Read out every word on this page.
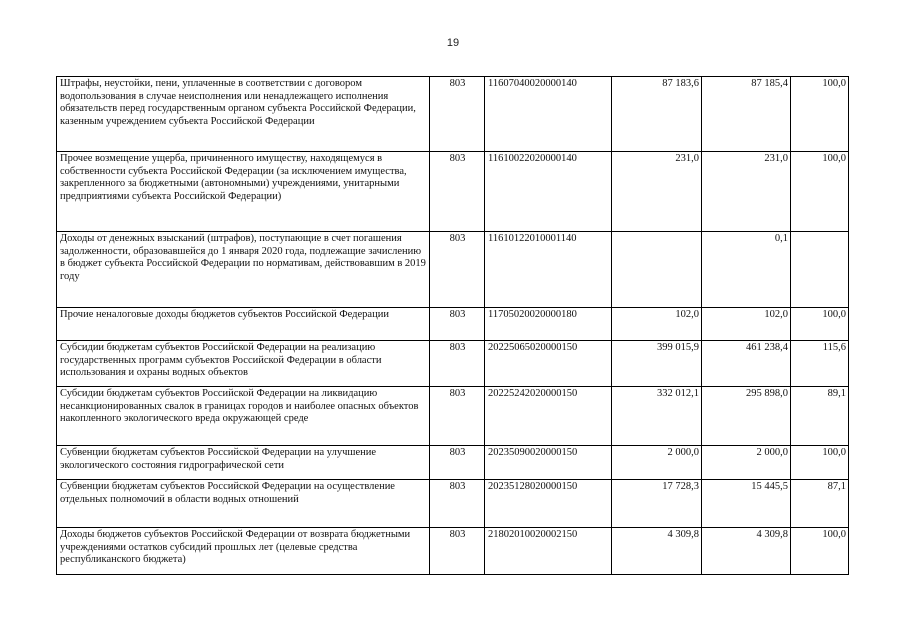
19
Штрафы, неустойки, пени, уплаченные в соответствии с договором водопользования в случае неисполнения или ненадлежащего исполнения обязательств перед государственным органом субъекта Российской Федерации, казенным учреждением субъекта Российской Федерации	803	11607040020000140	87 183,6	87 185,4	100,0
Прочее возмещение ущерба, причиненного имуществу, находящемуся в собственности субъекта Российской Федерации (за исключением имущества, закрепленного за бюджетными (автономными) учреждениями, унитарными предприятиями субъекта Российской Федерации)	803	11610022020000140	231,0	231,0	100,0
Доходы от денежных взысканий (штрафов), поступающие в счет погашения задолженности, образовавшейся до 1 января 2020 года, подлежащие зачислению в бюджет субъекта Российской Федерации по нормативам, действовавшим в 2019 году	803	11610122010001140		0,1	
Прочие неналоговые доходы бюджетов субъектов Российской Федерации	803	11705020020000180	102,0	102,0	100,0
Субсидии бюджетам субъектов Российской Федерации на реализацию государственных программ субъектов Российской Федерации в области использования и охраны водных объектов	803	20225065020000150	399 015,9	461 238,4	115,6
Субсидии бюджетам субъектов Российской Федерации на ликвидацию несанкционированных свалок в границах городов и наиболее опасных объектов накопленного экологического вреда окружающей среде	803	20225242020000150	332 012,1	295 898,0	89,1
Субвенции бюджетам субъектов Российской Федерации на улучшение экологического состояния гидрографической сети	803	20235090020000150	2 000,0	2 000,0	100,0
Субвенции бюджетам субъектов Российской Федерации на осуществление отдельных полномочий в области водных отношений	803	20235128020000150	17 728,3	15 445,5	87,1
Доходы бюджетов субъектов Российской Федерации от возврата бюджетными учреждениями остатков субсидий прошлых лет (целевые средства республиканского бюджета)	803	21802010020002150	4 309,8	4 309,8	100,0
